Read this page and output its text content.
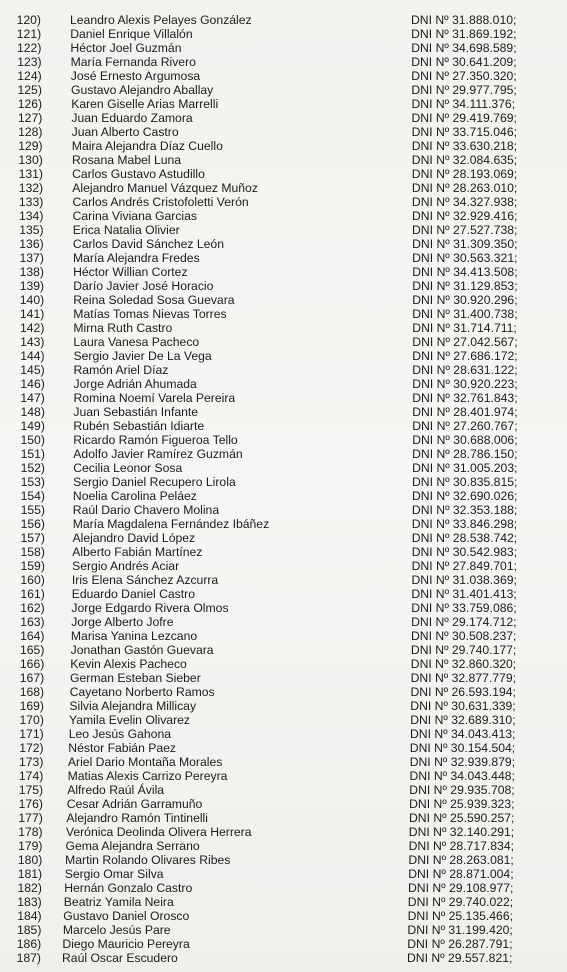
120) Leandro Alexis Pelayes González	DNI Nº 31.888.010;
121) Daniel Enrique Villalón	DNI Nº 31.869.192;
122) Héctor Joel Guzmán	DNI Nº 34.698.589;
123) María Fernanda Rivero	DNI Nº 30.641.209;
124) José Ernesto Argumosa	DNI Nº 27.350.320;
125) Gustavo Alejandro Aballay	DNI Nº 29.977.795;
126) Karen Giselle Arias Marrelli	DNI Nº 34.111.376;
127) Juan Eduardo Zamora	DNI Nº 29.419.769;
128) Juan Alberto Castro	DNI Nº 33.715.046;
129) Maira Alejandra Díaz Cuello	DNI Nº 33.630.218;
130) Rosana Mabel Luna	DNI Nº 32.084.635;
131) Carlos Gustavo Astudillo	DNI Nº 28.193.069;
132) Alejandro Manuel Vázquez Muñoz	DNI Nº 28.263.010;
133) Carlos Andrés Cristofoletti Verón	DNI Nº 34.327.938;
134) Carina Viviana Garcias	DNI Nº 32.929.416;
135) Erica Natalia Olivier	DNI Nº 27.527.738;
136) Carlos David Sánchez León	DNI Nº 31.309.350;
137) María Alejandra Fredes	DNI Nº 30.563.321;
138) Héctor Willian Cortez	DNI Nº 34.413.508;
139) Darío Javier José Horacio	DNI Nº 31.129.853;
140) Reina Soledad Sosa Guevara	DNI Nº 30.920.296;
141) Matías Tomas Nievas Torres	DNI Nº 31.400.738;
142) Mirna Ruth Castro	DNI Nº 31.714.711;
143) Laura Vanesa Pacheco	DNI Nº 27.042.567;
144) Sergio Javier De La Vega	DNI Nº 27.686.172;
145) Ramón Ariel Díaz	DNI Nº 28.631.122;
146) Jorge Adrián Ahumada	DNI Nº 30.920.223;
147) Romina Noemí Varela Pereira	DNI Nº 32.761.843;
148) Juan Sebastián Infante	DNI Nº 28.401.974;
149) Rubén Sebastián Idiarte	DNI Nº 27.260.767;
150) Ricardo Ramón Figueroa Tello	DNI Nº 30.688.006;
151) Adolfo Javier Ramírez Guzmán	DNI Nº 28.786.150;
152) Cecilia Leonor Sosa	DNI Nº 31.005.203;
153) Sergio Daniel Recupero Lirola	DNI Nº 30.835.815;
154) Noelia Carolina Peláez	DNI Nº 32.690.026;
155) Raúl Dario Chavero Molina	DNI Nº 32.353.188;
156) María Magdalena Fernández Ibáñez	DNI Nº 33.846.298;
157) Alejandro David López	DNI Nº 28.538.742;
158) Alberto Fabián Martínez	DNI Nº 30.542.983;
159) Sergio Andrés Aciar	DNI Nº 27.849.701;
160) Iris Elena Sánchez Azcurra	DNI Nº 31.038.369;
161) Eduardo Daniel Castro	DNI Nº 31.401.413;
162) Jorge Edgardo Rivera Olmos	DNI Nº 33.759.086;
163) Jorge Alberto Jofre	DNI Nº 29.174.712;
164) Marisa Yanina Lezcano	DNI Nº 30.508.237;
165) Jonathan Gastón Guevara	DNI Nº 29.740.177;
166) Kevin Alexis Pacheco	DNI Nº 32.860.320;
167) German Esteban Sieber	DNI Nº 32.877.779;
168) Cayetano Norberto Ramos	DNI Nº 26.593.194;
169) Silvia Alejandra Millicay	DNI Nº 30.631.339;
170) Yamila Evelin Olivarez	DNI Nº 32.689.310;
171) Leo Jesús Gahona	DNI Nº 34.043.413;
172) Néstor Fabián Paez	DNI Nº 30.154.504;
173) Ariel Dario Montaña Morales	DNI Nº 32.939.879;
174) Matias Alexis Carrizo Pereyra	DNI Nº 34.043.448;
175) Alfredo Raúl Ávila	DNI Nº 29.935.708;
176) Cesar Adrián Garramuño	DNI Nº 25.939.323;
177) Alejandro Ramón Tintinelli	DNI Nº 25.590.257;
178) Verónica Deolinda Olivera Herrera	DNI Nº 32.140.291;
179) Gema Alejandra Serrano	DNI Nº 28.717.834;
180) Martin Rolando Olivares Ribes	DNI Nº 28.263.081;
181) Sergio Omar Silva	DNI Nº 28.871.004;
182) Hernán Gonzalo Castro	DNI Nº 29.108.977;
183) Beatriz Yamila Neira	DNI Nº 29.740.022;
184) Gustavo Daniel Orosco	DNI Nº 25.135.466;
185) Marcelo Jesús Pare	DNI Nº 31.199.420;
186) Diego Mauricio Pereyra	DNI Nº 26.287.791;
187) Raúl Oscar Escudero	DNI Nº 29.557.821;
